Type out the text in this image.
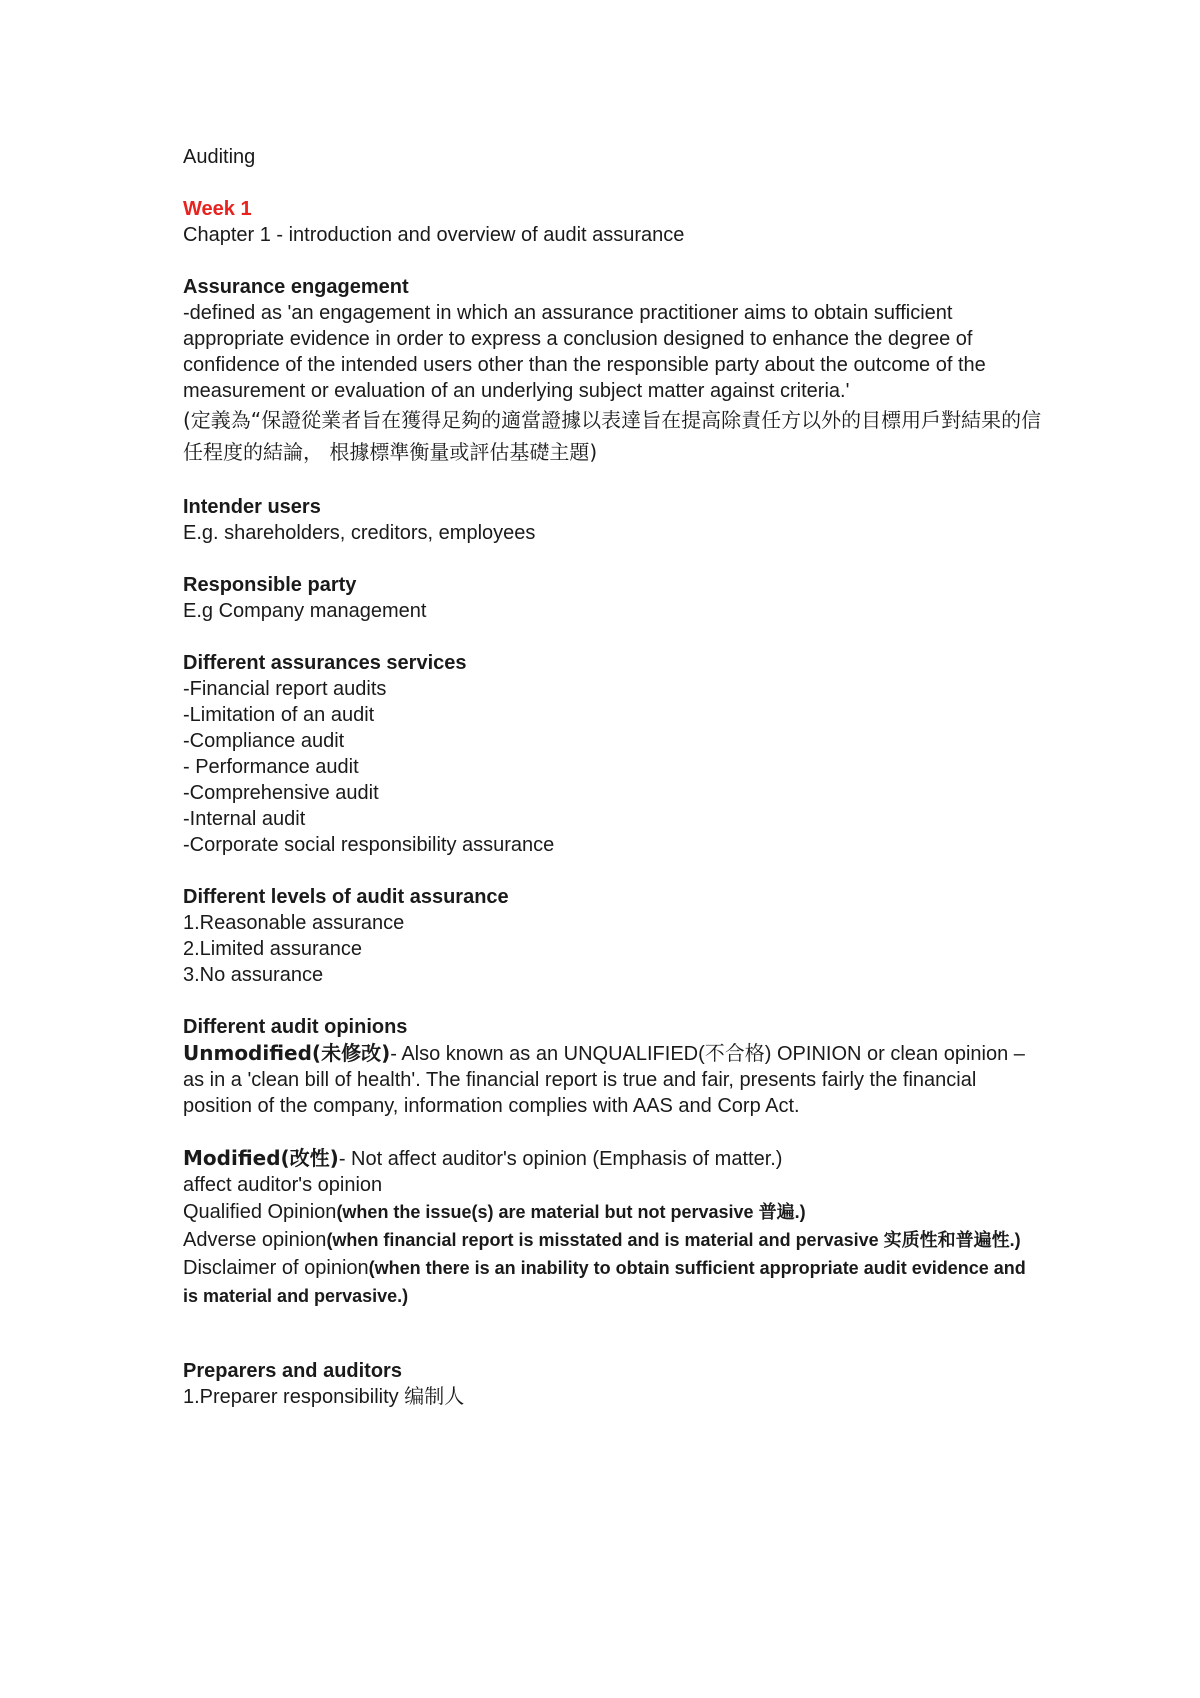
Auditing
Week 1
Chapter 1 - introduction and overview of audit assurance
Assurance engagement
-defined as 'an engagement in which an assurance practitioner aims to obtain sufficient appropriate evidence in order to express a conclusion designed to enhance the degree of confidence of the intended users other than the responsible party about the outcome of the measurement or evaluation of an underlying subject matter against criteria.'
(定義為“保證從業者旨在獲得足夠的適當證據以表達旨在提高除責任方以外的目標用戶對結果的信任程度的結論， 根據標準衡量或評估基礎主題)
Intender users
E.g. shareholders, creditors, employees
Responsible party
E.g Company management
Different assurances services
-Financial report audits
-Limitation of an audit
-Compliance audit
- Performance audit
-Comprehensive audit
-Internal audit
-Corporate social responsibility assurance
Different levels of audit assurance
1.Reasonable assurance
2.Limited assurance
3.No assurance
Different audit opinions
Unmodified(未修改)- Also known as an UNQUALIFIED(不合格) OPINION or clean opinion – as in a 'clean bill of health'. The financial report is true and fair, presents fairly the financial position of the company, information complies with AAS and Corp Act.
Modified(改性)- Not affect auditor's opinion (Emphasis of matter.)
affect auditor's opinion
Qualified Opinion(when the issue(s) are material but not pervasive 普遍.)
Adverse opinion(when financial report is misstated and is material and pervasive 实质性和普遍性.)
Disclaimer of opinion(when there is an inability to obtain sufficient appropriate audit evidence and is material and pervasive.)
Preparers and auditors
1.Preparer responsibility 编制人
